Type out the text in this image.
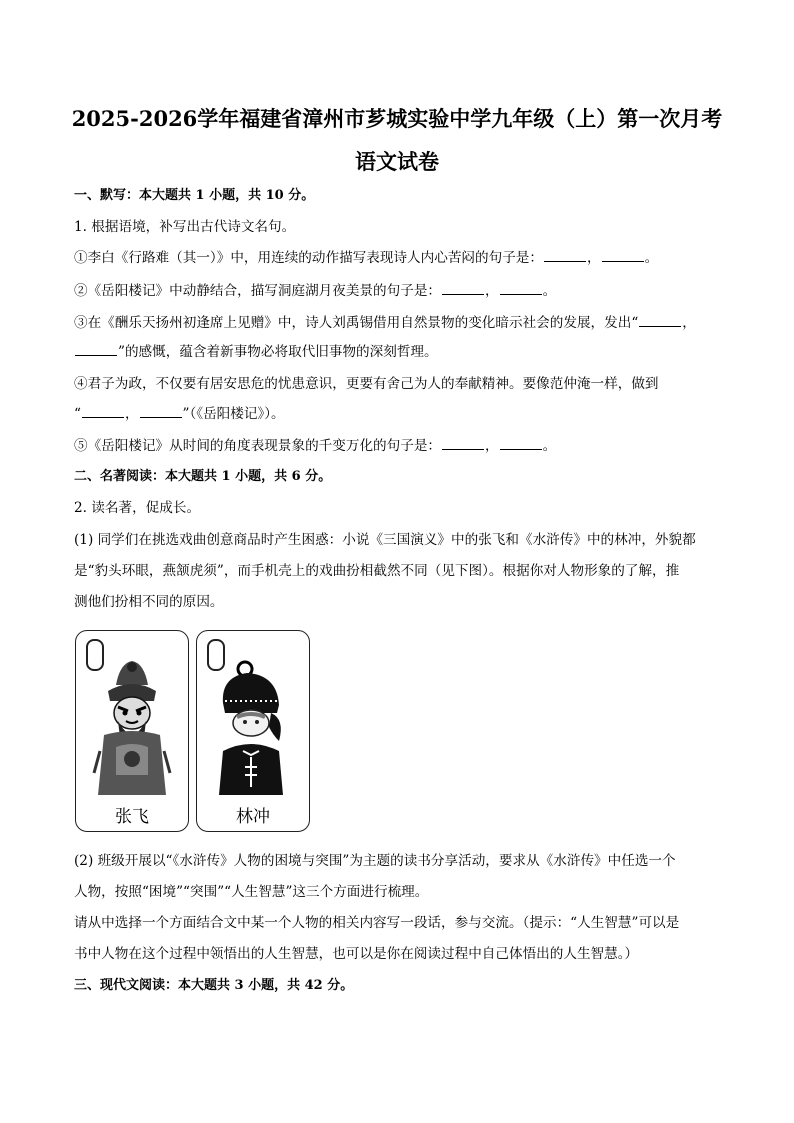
2025-2026学年福建省漳州市芗城实验中学九年级（上）第一次月考
语文试卷
一、默写：本大题共 1 小题，共 10 分。
1. 根据语境，补写出古代诗文名句。
①李白《行路难（其一）》中，用连续的动作描写表现诗人内心苦闷的句子是：	，	。
②《岳阳楼记》中动静结合，描写洞庭湖月夜美景的句子是：	，	。
③在《酬乐天扬州初逢席上见赠》中，诗人刘禹锡借用自然景物的变化暗示社会的发展，发出“	，
”的感慨，蕴含着新事物必将取代旧事物的深刻哲理。
④君子为政，不仅要有居安思危的忧患意识，更要有舍己为人的奉献精神。要像范仲淹一样，做到
“	，	”（《岳阳楼记》）。
⑤《岳阳楼记》从时间的角度表现景象的千变万化的句子是：	，	。
二、名著阅读：本大题共 1 小题，共 6 分。
2. 读名著，促成长。
(1) 同学们在挑选戏曲创意商品时产生困惑：小说《三国演义》中的张飞和《水浒传》中的林冲，外貌都
是“豹头环眼，燕颔虎须”，而手机壳上的戏曲扮相截然不同（见下图）。根据你对人物形象的了解，推
测他们扮相不同的原因。
张飞	林冲
(2) 班级开展以“《水浒传》人物的困境与突围”为主题的读书分享活动，要求从《水浒传》中任选一个
人物，按照“困境”“突围”“人生智慧”这三个方面进行梳理。
请从中选择一个方面结合文中某一个人物的相关内容写一段话，参与交流。（提示：“人生智慧”可以是
书中人物在这个过程中领悟出的人生智慧，也可以是你在阅读过程中自己体悟出的人生智慧。）
三、现代文阅读：本大题共 3 小题，共 42 分。
